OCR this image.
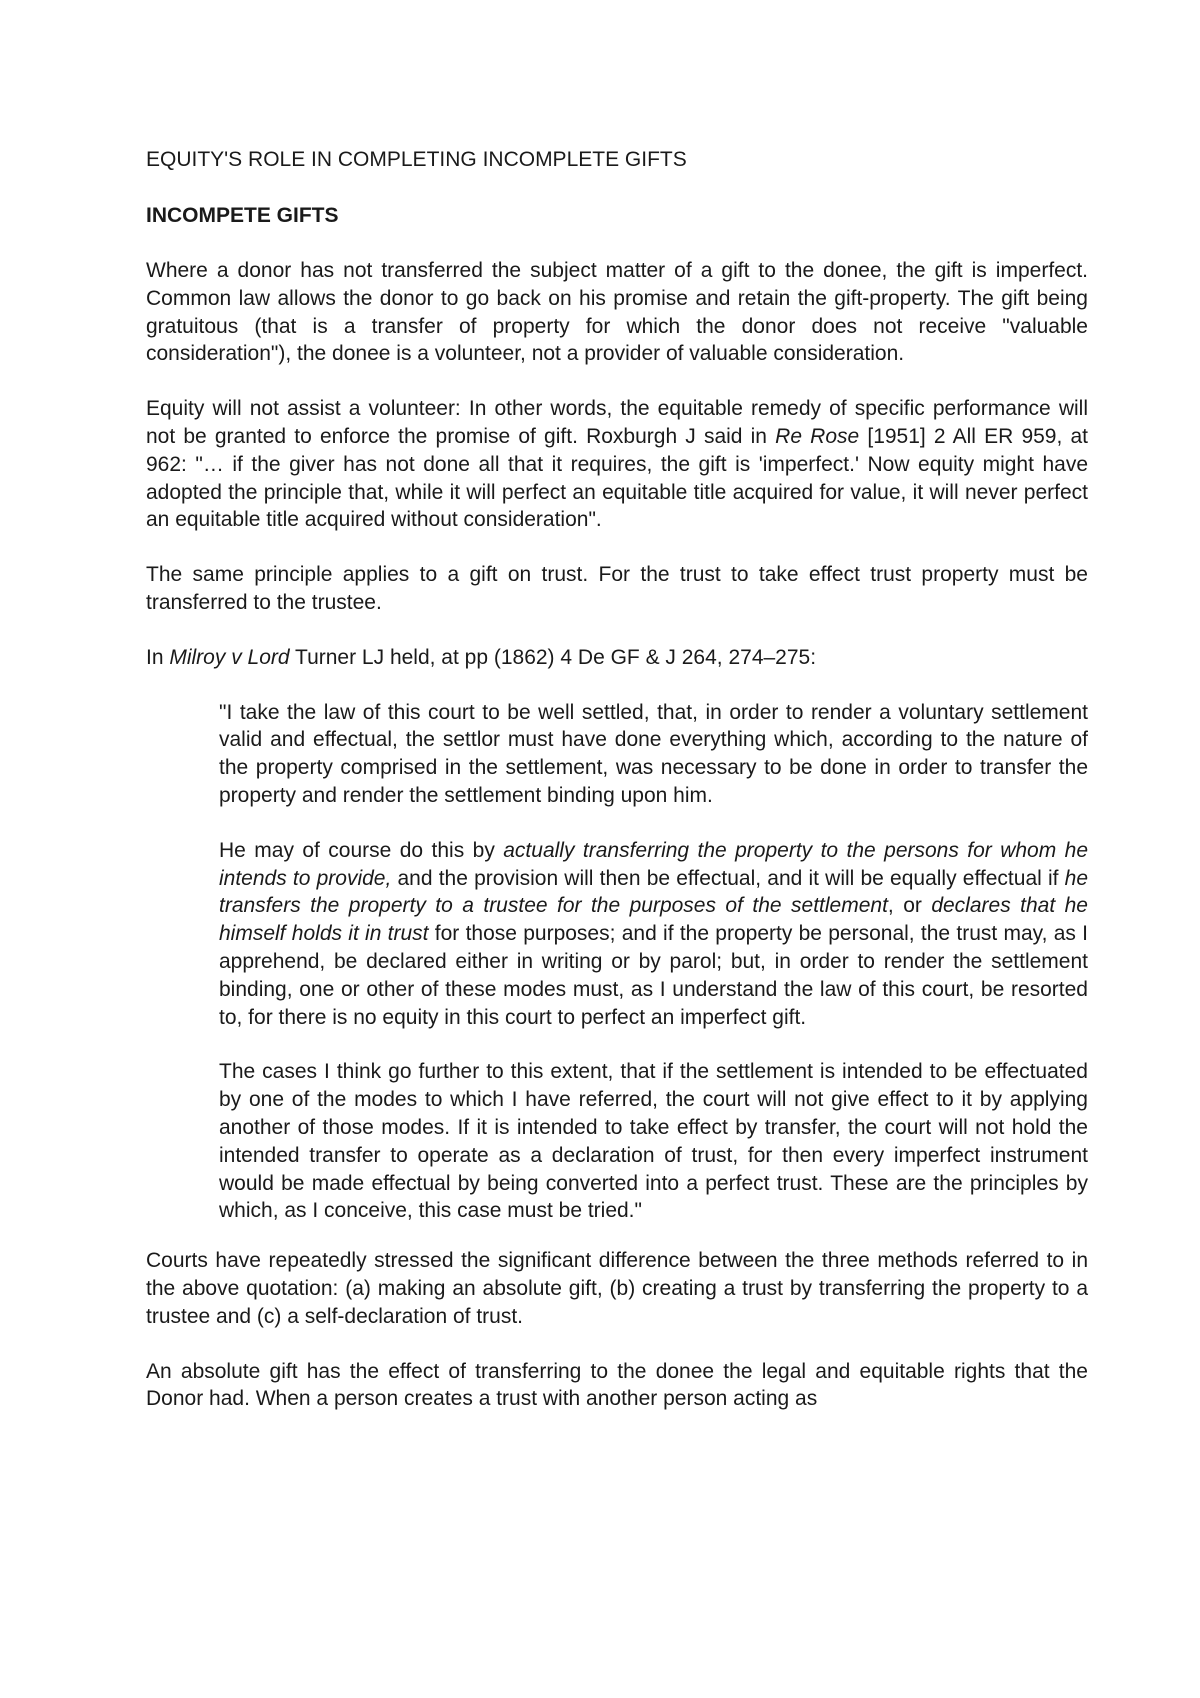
EQUITY'S ROLE IN COMPLETING INCOMPLETE GIFTS
INCOMPETE GIFTS

Where a donor has not transferred the subject matter of a gift to the donee, the gift is imperfect. Common law allows the donor to go back on his promise and retain the gift-property. The gift being gratuitous (that is a transfer of property for which the donor does not receive "valuable consideration"), the donee is a volunteer, not a provider of valuable consideration.

Equity will not assist a volunteer: In other words, the equitable remedy of specific performance will not be granted to enforce the promise of gift. Roxburgh J said in Re Rose [1951] 2 All ER 959, at 962: "… if the giver has not done all that it requires, the gift is 'imperfect.' Now equity might have adopted the principle that, while it will perfect an equitable title acquired for value, it will never perfect an equitable title acquired without consideration".

The same principle applies to a gift on trust. For the trust to take effect trust property must be transferred to the trustee.

In Milroy v Lord Turner LJ held, at pp (1862) 4 De GF & J 264, 274–275:

"I take the law of this court to be well settled, that, in order to render a voluntary settlement valid and effectual, the settlor must have done everything which, according to the nature of the property comprised in the settlement, was necessary to be done in order to transfer the property and render the settlement binding upon him.

He may of course do this by actually transferring the property to the persons for whom he intends to provide, and the provision will then be effectual, and it will be equally effectual if he transfers the property to a trustee for the purposes of the settlement, or declares that he himself holds it in trust for those purposes; and if the property be personal, the trust may, as I apprehend, be declared either in writing or by parol; but, in order to render the settlement binding, one or other of these modes must, as I understand the law of this court, be resorted to, for there is no equity in this court to perfect an imperfect gift.

The cases I think go further to this extent, that if the settlement is intended to be effectuated by one of the modes to which I have referred, the court will not give effect to it by applying another of those modes. If it is intended to take effect by transfer, the court will not hold the intended transfer to operate as a declaration of trust, for then every imperfect instrument would be made effectual by being converted into a perfect trust. These are the principles by which, as I conceive, this case must be tried."

Courts have repeatedly stressed the significant difference between the three methods referred to in the above quotation: (a) making an absolute gift, (b) creating a trust by transferring the property to a trustee and (c) a self-declaration of trust.

An absolute gift has the effect of transferring to the donee the legal and equitable rights that the Donor had. When a person creates a trust with another person acting as
